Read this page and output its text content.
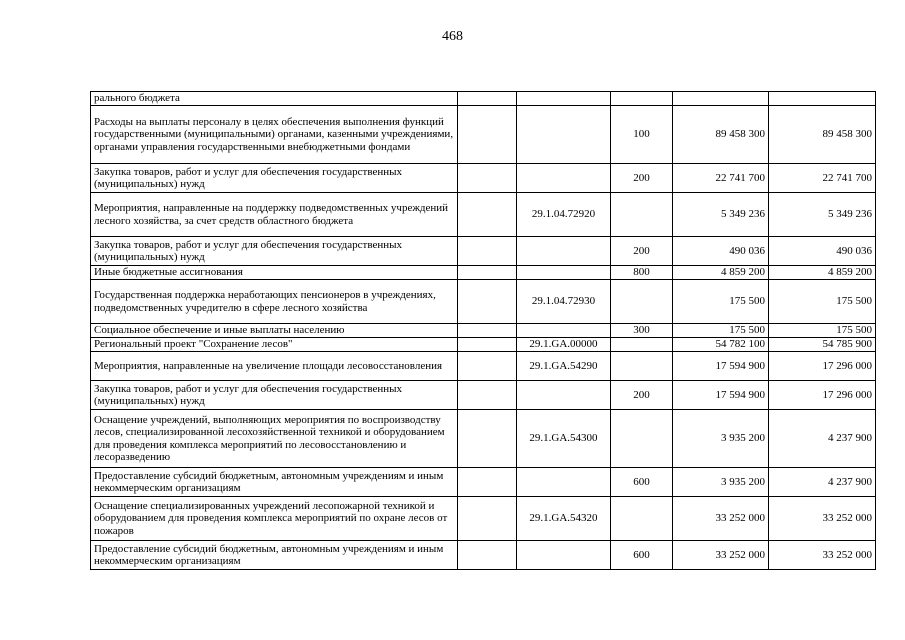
468
рального бюджета					
Расходы на выплаты персоналу в целях обеспечения выполнения функций государственными (муниципальными) органами, казенными учреждениями, органами управления государственными внебюджетными фондами			100	89 458 300	89 458 300
Закупка товаров, работ и услуг для обеспечения государственных (муниципальных) нужд			200	22 741 700	22 741 700
Мероприятия, направленные на поддержку подведомственных учреждений лесного хозяйства, за счет средств областного бюджета		29.1.04.72920		5 349 236	5 349 236
Закупка товаров, работ и услуг для обеспечения государственных (муниципальных) нужд			200	490 036	490 036
Иные бюджетные ассигнования			800	4 859 200	4 859 200
Государственная поддержка неработающих пенсионеров в учреждениях, подведомственных учредителю в сфере лесного хозяйства		29.1.04.72930		175 500	175 500
Социальное обеспечение и иные выплаты населению			300	175 500	175 500
Региональный проект "Сохранение лесов"		29.1.GA.00000		54 782 100	54 785 900
Мероприятия, направленные на увеличение площади лесовосстановления		29.1.GA.54290		17 594 900	17 296 000
Закупка товаров, работ и услуг для обеспечения государственных (муниципальных) нужд			200	17 594 900	17 296 000
Оснащение учреждений, выполняющих мероприятия по воспроизводству лесов, специализированной лесохозяйственной техникой и оборудованием для проведения комплекса мероприятий по лесовосстановлению и лесоразведению		29.1.GA.54300		3 935 200	4 237 900
Предоставление субсидий бюджетным, автономным учреждениям и иным некоммерческим организациям			600	3 935 200	4 237 900
Оснащение специализированных учреждений лесопожарной техникой и оборудованием для проведения комплекса мероприятий по охране лесов от пожаров		29.1.GA.54320		33 252 000	33 252 000
Предоставление субсидий бюджетным, автономным учреждениям и иным некоммерческим организациям			600	33 252 000	33 252 000
